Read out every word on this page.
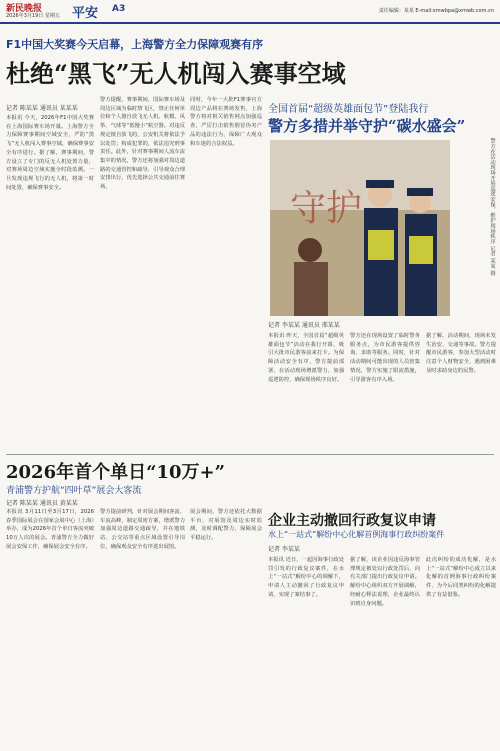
新民晚报
2026年3月19日 星期五 平安 A3	责任编辑：某某 E-mail:xmwbpa@xmwb.com.cn
F1中国大奖赛今天启幕，上海警方全力保障观赛有序
杜绝“黑飞”无人机闯入赛事空域
记者 陈某某 通讯员 某某某
本报讯 今天，2026年F1中国大奖赛在上海国际赛车场开幕。上海警方全力保障赛事期间空域安全，严防“黑飞”无人机闯入赛事空域，确保赛事安全有序进行。据了解，赛事期间，警方设立了专门的反无人机处置力量，对赛场周边空域实施全时段监测。一旦发现违规飞行的无人机，将第一时间处置，确保赛事安全。
警方提醒，赛事期间，国际赛车场及周边区域为临时禁飞区，禁止任何单位和个人擅自放飞无人机、航模、风筝、气球等“低慢小”航空器。对违反规定擅自放飞的，公安机关将依法予以处罚；构成犯罪的，依法追究刑事责任。此外，针对赛事期间人流车流集中的情况，警方还将加强对周边道路的交通管控和疏导，引导观众合理安排出行，优先选择公共交通前往赛场。
同时，今年一大批F1赛事官方周边产品将在赛场发售，上海警方将对相关销售网点加强巡查，严厉打击销售假冒伪劣产品的违法行为，保障广大观众和车迷的合法权益。
全国首届“超级英雄面包节”登陆我行
警方多措并举守护“碳水盛会”
守护	警方在活动现场开展巡逻安保，维护现场秩序 记者 某某 摄
记者 李某某 通讯员 邢某某
本报讯 昨天，全国首届“超级英雄面包节”活动在我行开幕，吸引大批市民游客前来打卡。为保障活动安全有序，警方提前部署，在活动现场增派警力，加强巡逻防控，确保现场秩序良好。
警方还在现场设置了临时警务服务点，为市民游客提供咨询、求助等服务。同时，针对活动期间可能出现的人员密集情况，警方实施了限流措施，引导游客有序入场。
据了解，活动期间，现场未发生治安、交通等事故。警方提醒市民游客，参加大型活动时注意个人财物安全，遇到困难及时求助身边的民警。
2026年首个单日“10万+”
青浦警方护航“四叶草”展会大客流
记者 陈某某 通讯员 黄某某
本报讯 3月11日至3月17日，2026春季国际展会在国家会展中心（上海）举办，成为2026年首个单日客流突破10万人次的展会。青浦警方全力做好展会安保工作，确保展会安全有序。
警方提前研判，针对展会期间客流、车流高峰，制定周密方案，增派警力加强周边道路交通疏导，并在地铁站、公交站等重点区域设置引导岗位，确保观众安全有序进出展馆。
展会期间，警方还依托大数据平台，对展馆及周边实时监测，及时调配警力，保障展会平稳运行。
企业主动撤回行政复议申请
水上“一站式”解纷中心化解首例海事行政纠纷案件
记者 李某某
本报讯 近日，一起因海事行政处罚引发的行政复议案件，在水上“一站式”解纷中心的调解下，申请人主动撤回了行政复议申请，实现了案结事了。
据了解，该企业因违反海事管理规定被处以行政处罚后，向有关部门提出行政复议申请。解纷中心组织双方开展调解，经耐心释法说理，企业最终认识到自身问题。
此次纠纷的成功化解，是水上“一站式”解纷中心成立以来化解的首例海事行政纠纷案件，为今后同类纠纷的化解提供了有益借鉴。
